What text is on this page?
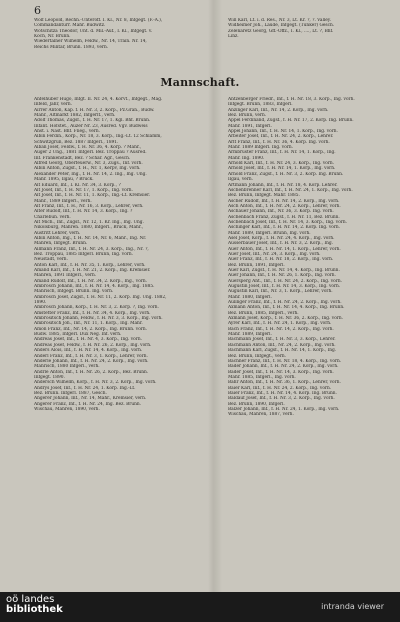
6
Wolf Leopold, Rechn.-Unteroff. I. Kl., Nr. 8, Infgegt. (F.-A.),
Commandanturr. Mähr. Budwitz.
Wotschitza Theodor, Unt. d. Mil.-Auf., I. Kl., Infgegt. v.
Koch, Nr. Brünn.
Wiedertalner Wilhelm, Feldw., Nr. 14, Train. Nr. 14,
Reichs Militär, Brünn. 1893, verh.
Will Karl, Lt. i. d. Res., Nr. 3, Lt. Kr. ?, ?. Valley.
Widheimer Joh., Laude, Infgegt. (Tunker) Gesch.
Zelenaretz Georg, Gff.-Offz., I. Kl., ...., Lt. ?, Bhf.
Linz.
Mannschaft.
Anfelhuber Hugo, Infgt. II. Nr. 24, 4. Korvt., Infgegt., Mag.
Infeld, Jahr, verh.
Airrer Anton, Kap. f. H. Nr. 3, 2. Korp., Pz.Gran., Budw.
Mähr., Altmarkt 1882, Infgerlt., verh.
Adolf Thomas, Zugsf., f. H. Nr. 17, 1. Kgl. Bhf. Brünn.
Infant. Hofstet., Auzer Nr. 23, Ausred. Vgv. Budweis
Anst. i. Nast. Bhf. Flieg., verh.
Albin Ferdin., Korp., Nr. 18, 3. Korp., Ing.-Lt. 12 Schlamm,
Schwitzgrün, Bez. 1887 Infgerl., 1891.
Alban Josef, Feldw., f. H. Nr. 36, 4. Korp. ? Mähr.,
Auger 2 Ung., 1881 Infgerl. Bez. Troppau ? Ausred.
Inf. Frankenstadt, Bez. ? Schar. Agr., Gesch.
Alfred Georg, Oberfeuerw., Nr. 3, Zugs., Inf. vorh.
Albin Anton, Zugsf., f. H., Nr. 1, Kerpv, Ing. vorh.
Alexander Peter, Ing., f. H. Nr. 14, 2. Ing., Ing. Ung.
Mähr. 1895, Ilgau, ? Bruck.
Alt Eduard, Inf., I. Kl. Nr. 34, 3. Korp., ?
Alt Josef, Inf., f. H. Nr. 17, 1. Korp., Ing. vorh.
Alt Josef, Inf., f. H. Nr. 11, 1. Korp., Ing.-Lt. Kremsier.
Mähr., 1889 Infgerl., verh.
Alt Franz, Inf., f. H., Nr. 16, 3. Korp., Lehrer, verh.
Alter Rudolf, Inf., f. H. Nr. 14, 3. Korp., Ing. ?
Charlebun. verh.
Alt Mich., Inf., Zugsf., Nr. 12, 1. Kr. Ing., Ing. Ung.
Nikolsburg, Mähren. 1880, Infgerl., Bruck, Mähr.,
Austritt Lehrer, verh.
Albin Anton, Ing., f. H. Nr. 14, Nr. 6, Mähr., Ing. Nr.
Mähren, Infgegt. Brünn.
Allmann Franz, Inf., f. H. Nr. 24, 3. Korp., Ing., Nr. ?,
Bez. Troppau, 1885 Infgerl. Brünn, Ing. vorh.
Neustadt, verh.
Anton Karl, Inf., f. H. Nr. 35, 1. Korp., Lehrer, vorh.
Amand Karl, Inf., f. H. Nr. 21, 2. Korp., Ing. Kremsier.
Mähren, 1891 Infgerl., verh.
Amand Rudolf, Inf., f. H. Nr. 34, 2. Korp., Ing., vorh.
Ambrosch Johann, Inf., f. H. Nr. 14, 4. Korp., Ing. 1885.
Mährisch, Infgegt. Brünn. Ing. vorh.
Ambrosch Josef, Zugsf., f. H. Nr. 11, 2. Korp. Ing. Ung. 1882,
1890.
Ambrosch Johann, Korp., f. H. Nr. 3, 2. Korp. ?, Ing. vorh.
Amstetter Franz, Inf., f. H. Nr. 34, 4. Korp., Ing. vorh.
Ambrositsch Johann, Feldw., f. H. Nr. 3, 3. Korp., Ing. vorh.
Ambrositsch Joh., Inf., Nr. 11, 1. Korp., Ing. Mähr.
Amon Franz, Inf., Nr. 14, 2. Korp., Ing. Brünn. vorh.
Budw. 1885, Infgerl. Dux Neg. Inf. verh.
Andreas Josef, Inf., f. H. Nr. 4, 3. Korp., Ing. vorh.
Andreas Josef, Feldw., f. H. Nr. 26, 2. Korp., Ing. vorh.
Anders Alois, Inf., f. H. Nr. 14, 4. Korp., Ing. vorh.
Anderl Franz, Inf., f. H. Nr. 3, 1. Korp., Lehrer, vorh.
Anderle Johann, Inf., f. H. Nr. 24, 2. Korp., Ing. vorh.
Mährisch, 1880 Infgerl., verh.
Andrle Anton, Inf., f. H. Nr. 26, 2. Korp., Bez. Brünn.
Infgegt. 1890.
Andersch Wilhelm, Korp., f. H. Nr. 3, 2. Korp., Ing. vorh.
Andrys Josef, Inf., f. H. Nr. 24, 1. Korp. Ing.-Lt.
Bez. Brünn. Infgerl. 1887, Gesch.
Angerer Johann, Inf., Nr. 14, Mähr., Kremsier, verh.
Angerer Franz, Inf., f. H. Nr. 24, Ing. Bez. Brünn.
Wischau, Mähren, 1890, verh.
Antzenberger Friedr., Inf., f. H. Nr. 18, 3. Korp., Ing. vorh.
Infgegt. Brünn, 1883, Infgerl.
Anzinger Karl, Inf., Nr. 14, 2. Korp., Ing. vorh.
Bez. Brünn, verh.
Appel Ferdinand, Zugsf., f. H. Nr. 17, 2. Korp. Ing. Brünn.
Mähr. 1891, Infgerl.
Appel Johann, Inf., f. H. Nr. 14, 1. Korp., Ing. vorh.
Arbeiter Josef, Inf., f. H. Nr. 24, 2. Korp., Lehrer.
Arlt Franz, Inf., f. H. Nr. 36, 4. Korp. Ing. vorh.
Mähr. 1889 Infgerl. Ing. vorh.
Armbruster Franz, Inf., f. H. Nr. 14, 1. Korp., Ing.
Mähr. Ing. 1890.
Arnold Karl, Inf., f. H. Nr. 24, 3. Korp., Ing. vorh.
Arnold Josef, Inf., f. H. Nr. 14, 1. Korp., Ing. vorh.
Arnold Franz, Zugsf., f. H. Nr. 3, 2. Korp. Ing. Brünn.
Ilgau, verh.
Artmann Johann, Inf., f. H. Nr. 18, 4. Korp. Lehrer.
Aschenbrenner Karl, Inf., f. H. Nr. 24, 1. Korp., Ing. vorh.
Bez. Brünn, Infgegt. Mähr. 1885.
Ascher Rudolf, Inf., f. H. Nr. 14, 2. Korp., Ing. vorh.
Asch Anton, Inf., f. H. Nr. 24, 2. Korp., Lehrer, vorh.
Aschauer Johann, Inf., Nr. 36, 3. Korp. Ing. vorh.
Aschenbach Franz, Zugsf., f. H. Nr. 11, Bez. Brünn.
Aschenbach Josef, Inf., f. H. Nr. 14, 3. Korp., Ing. vorh.
Aschinger Karl, Inf., f. H. Nr. 14, 2. Korp. Ing. vorh.
Mähr. 1889, Infgerl. Brünn, Ing. vorh.
Asel Josef, Korp., f. H. Nr. 24, 4. Korp., Ing. vorh.
Ausserbauer Josef, Inf., f. H. Nr. 3, 2. Korp., Ing.
Auer Anton, Inf., f. H. Nr. 14, 1. Korp., Lehrer, vorh.
Auer Josef, Inf., Nr. 24, 3. Korp., Ing. vorh.
Auer Franz, Inf., f. H. Nr. 18, 2. Korp., Ing. vorh.
Bez. Brünn, 1891, Infgerl.
Auer Karl, Zugsf., f. H. Nr. 14, 4. Korp., Ing. Brünn.
Auer Johann, Inf., f. H. Nr. 26, 1. Korp., Ing. vorh.
Auersperg Ant., Inf., f. H. Nr. 24, 2. Korp., Ing. vorh.
Augustin Josef, Inf., f. H. Nr. 14, 3. Korp., Ing. vorh.
Augustin Karl, Inf., Nr. 3, 1. Korp., Lehrer, vorh.
Mähr. 1880, Infgerl.
Aulinger Franz, Inf., f. H. Nr. 24, 2. Korp., Ing. vorh.
Axmann Anton, Inf., f. H. Nr. 14, 4. Korp., Ing. Brünn.
Bez. Brünn, 1885, Infgerl., verh.
Axmann Josef, Korp., f. H. Nr. 36, 2. Korp., Ing. vorh.
Ayrer Karl, Inf., f. H. Nr. 24, 1. Korp., Ing. vorh.
Bach Franz, Inf., f. H. Nr. 14, 2. Korp., Ing. vorh.
Mähr. 1889, Infgerl.
Bachmann Josef, Inf., f. H. Nr. 3, 3. Korp., Lehrer.
Bachmann Anton, Inf., Nr. 24, 2. Korp., Ing. vorh.
Bachmann Karl, Zugsf., f. H. Nr. 14, 1. Korp., Ing.
Bez. Brünn, Infgegt., verh.
Bachner Franz, Inf., f. H. Nr. 18, 4. Korp., Ing. vorh.
Bader Johann, Inf., f. H. Nr. 24, 2. Korp., Ing. vorh.
Bader Josef, Inf., f. H. Nr. 14, 3. Korp., Ing. vorh.
Mähr. 1885, Infgerl., Ing. vorh.
Bahr Anton, Inf., f. H. Nr. 36, 1. Korp., Lehrer, vorh.
Baier Karl, Inf., f. H. Nr. 24, 2. Korp., Ing. vorh.
Baier Franz, Inf., f. H. Nr. 14, 4. Korp. Ing. Brünn.
Baldauf Josef, Inf., f. H. Nr. 3, 2. Korp., Ing. vorh.
Bez. Brünn, 1890, Infgerl.
Balzer Johann, Inf., f. H. Nr. 24, 1. Korp., Ing. vorh.
Wischau, Mähren, 1887, verh.
oö landes
bibliothek	intranda viewer
